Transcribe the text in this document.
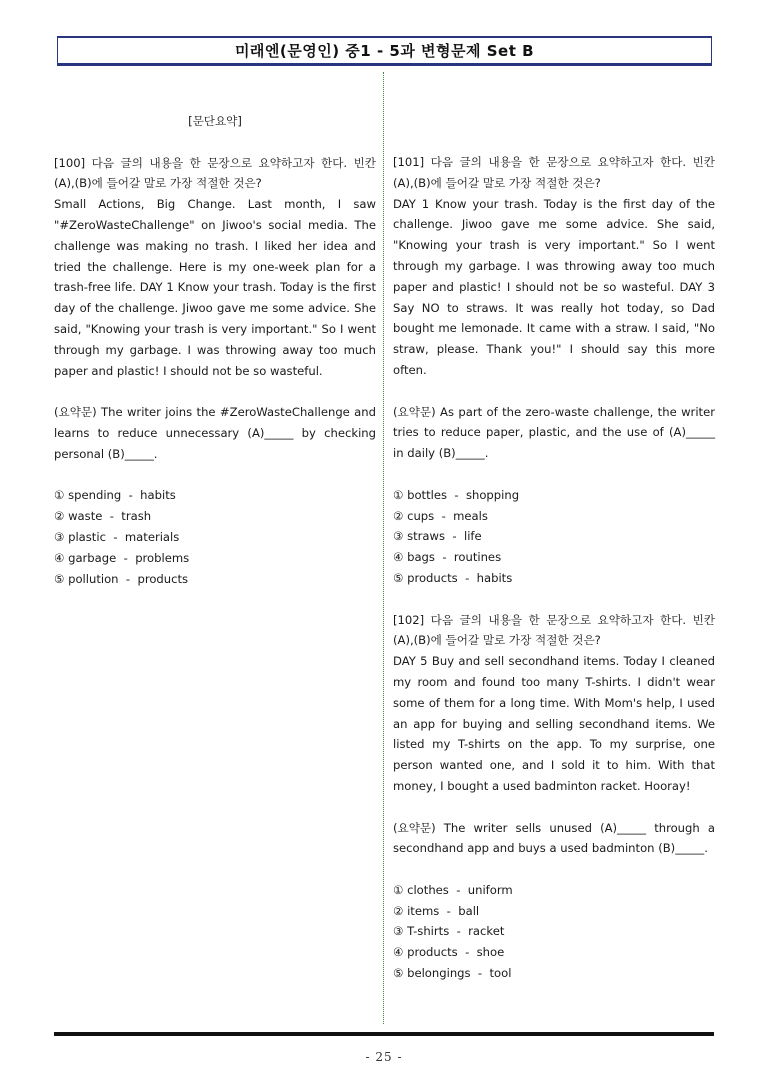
미래엔(문영인) 중1 - 5과 변형문제 Set B
[문단요약]
[100] 다음 글의 내용을 한 문장으로 요약하고자 한다. 빈칸 (A),(B)에 들어갈 말로 가장 적절한 것은?
Small Actions, Big Change. Last month, I saw "#ZeroWasteChallenge" on Jiwoo's social media. The challenge was making no trash. I liked her idea and tried the challenge. Here is my one-week plan for a trash-free life. DAY 1 Know your trash. Today is the first day of the challenge. Jiwoo gave me some advice. She said, "Knowing your trash is very important." So I went through my garbage. I was throwing away too much paper and plastic! I should not be so wasteful.
(요약문) The writer joins the #ZeroWasteChallenge and learns to reduce unnecessary (A)_____ by checking personal (B)_____.
① spending  -  habits
② waste  -  trash
③ plastic  -  materials
④ garbage  -  problems
⑤ pollution  -  products
[101] 다음 글의 내용을 한 문장으로 요약하고자 한다. 빈칸 (A),(B)에 들어갈 말로 가장 적절한 것은?
DAY 1 Know your trash. Today is the first day of the challenge. Jiwoo gave me some advice. She said, "Knowing your trash is very important." So I went through my garbage. I was throwing away too much paper and plastic! I should not be so wasteful. DAY 3 Say NO to straws. It was really hot today, so Dad bought me lemonade. It came with a straw. I said, "No straw, please. Thank you!" I should say this more often.
(요약문) As part of the zero-waste challenge, the writer tries to reduce paper, plastic, and the use of (A)_____ in daily (B)_____.
① bottles  -  shopping
② cups  -  meals
③ straws  -  life
④ bags  -  routines
⑤ products  -  habits
[102] 다음 글의 내용을 한 문장으로 요약하고자 한다. 빈칸 (A),(B)에 들어갈 말로 가장 적절한 것은?
DAY 5 Buy and sell secondhand items. Today I cleaned my room and found too many T-shirts. I didn't wear some of them for a long time. With Mom's help, I used an app for buying and selling secondhand items. We listed my T-shirts on the app. To my surprise, one person wanted one, and I sold it to him. With that money, I bought a used badminton racket. Hooray!
(요약문) The writer sells unused (A)_____ through a secondhand app and buys a used badminton (B)_____.
① clothes  -  uniform
② items  -  ball
③ T-shirts  -  racket
④ products  -  shoe
⑤ belongings  -  tool
- 25 -
